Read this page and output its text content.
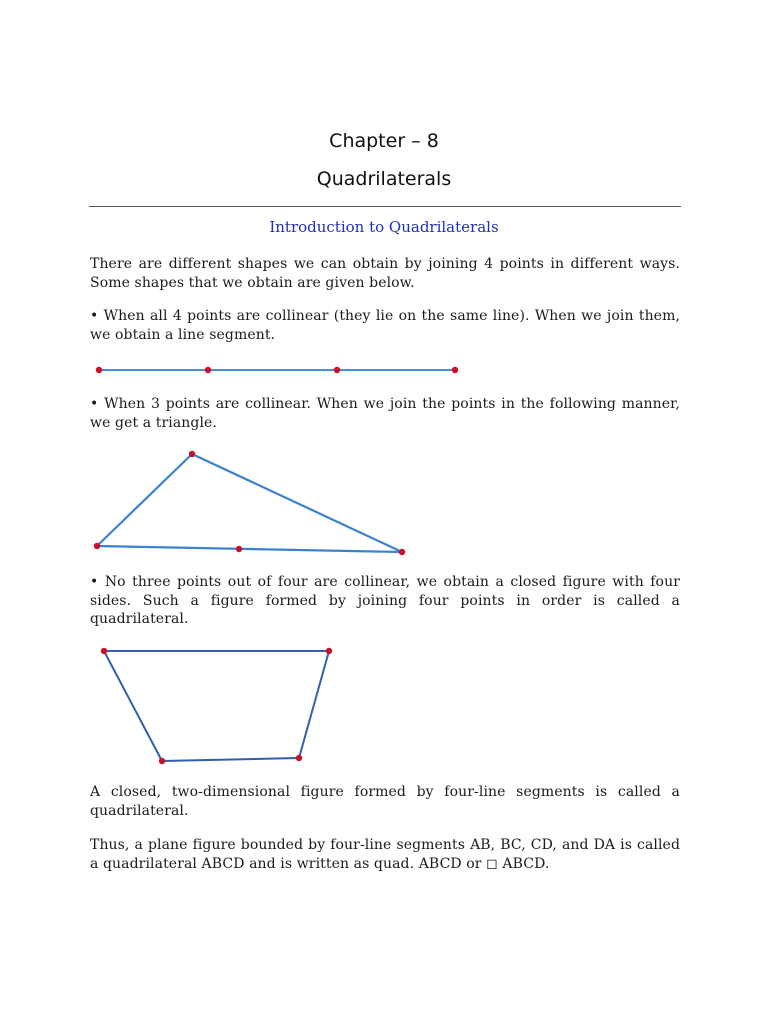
Chapter – 8
Quadrilaterals
Introduction to Quadrilaterals

There are different shapes we can obtain by joining 4 points in different ways. Some shapes that we obtain are given below.

• When all 4 points are collinear (they lie on the same line). When we join them, we obtain a line segment.

• When 3 points are collinear. When we join the points in the following manner, we get a triangle.

• No three points out of four are collinear, we obtain a closed figure with four sides. Such a figure formed by joining four points in order is called a quadrilateral.

A closed, two-dimensional figure formed by four-line segments is called a quadrilateral.

Thus, a plane figure bounded by four-line segments AB, BC, CD, and DA is called a quadrilateral ABCD and is written as quad. ABCD or ◻ ABCD.
